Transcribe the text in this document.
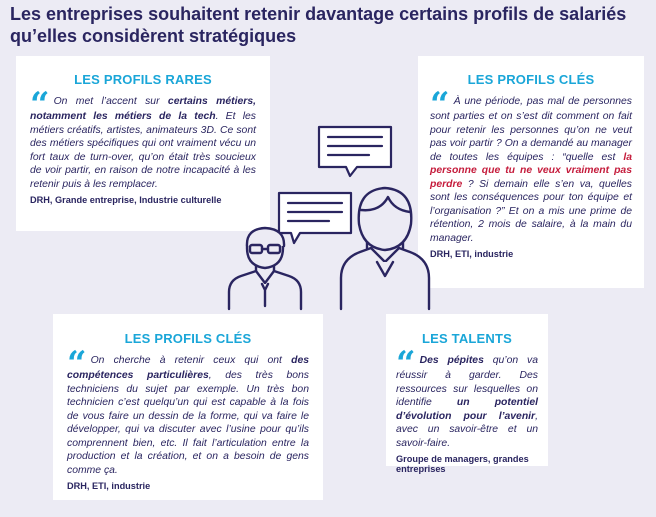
Les entreprises souhaitent retenir davantage certains profils de salariés qu’elles considèrent stratégiques
LES PROFILS RARES
“ On met l’accent sur certains métiers, notamment les métiers de la tech. Et les métiers créatifs, artistes, animateurs 3D. Ce sont des métiers spécifiques qui ont vraiment vécu un fort taux de turn-over, qu’on était très soucieux de voir partir, en raison de notre incapacité à les retenir puis à les remplacer.
DRH, Grande entreprise, Industrie culturelle
LES PROFILS CLÉS
“ À une période, pas mal de personnes sont parties et on s’est dit comment on fait pour retenir les personnes qu’on ne veut pas voir partir ? On a demandé au manager de toutes les équipes : “quelle est la personne que tu ne veux vraiment pas perdre ? Si demain elle s’en va, quelles sont les conséquences pour ton équipe et l’organisation ?” Et on a mis une prime de rétention, 2 mois de salaire, à la main du manager.
DRH, ETI, industrie
LES PROFILS CLÉS
“ On cherche à retenir ceux qui ont des compétences particulières, des très bons techniciens du sujet par exemple. Un très bon technicien c’est quelqu’un qui est capable à la fois de vous faire un dessin de la forme, qui va faire le développer, qui va discuter avec l’usine pour qu’ils comprennent bien, etc. Il fait l’articulation entre la production et la création, et on a besoin de gens comme ça.
DRH, ETI, industrie
LES TALENTS
“ Des pépites qu’on va réussir à garder. Des ressources sur lesquelles on identifie un potentiel d’évolution pour l’avenir, avec un savoir-être et un savoir-faire.
Groupe de managers, grandes entreprises
